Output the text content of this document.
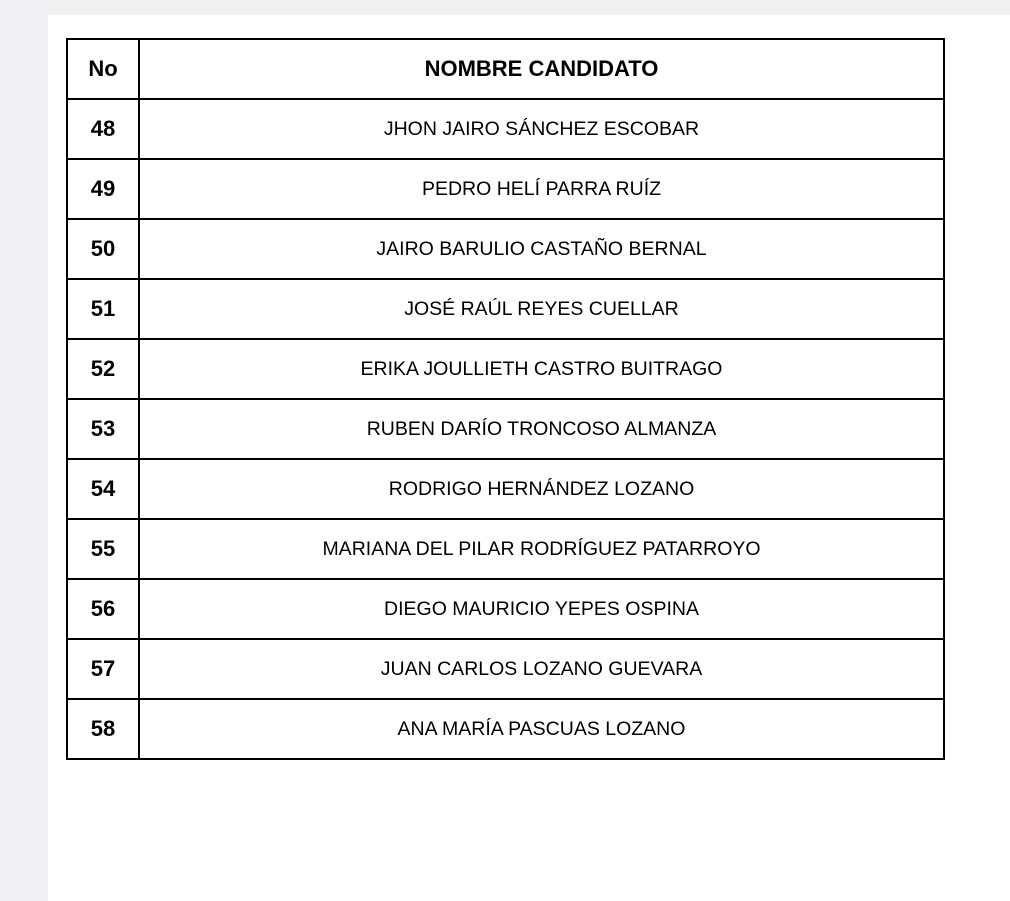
No	NOMBRE CANDIDATO
48	JHON JAIRO SÁNCHEZ ESCOBAR
49	PEDRO HELÍ PARRA RUÍZ
50	JAIRO BARULIO CASTAÑO BERNAL
51	JOSÉ RAÚL REYES CUELLAR
52	ERIKA JOULLIETH CASTRO BUITRAGO
53	RUBEN DARÍO TRONCOSO ALMANZA
54	RODRIGO HERNÁNDEZ LOZANO
55	MARIANA DEL PILAR RODRÍGUEZ PATARROYO
56	DIEGO MAURICIO YEPES OSPINA
57	JUAN CARLOS LOZANO GUEVARA
58	ANA MARÍA PASCUAS LOZANO
